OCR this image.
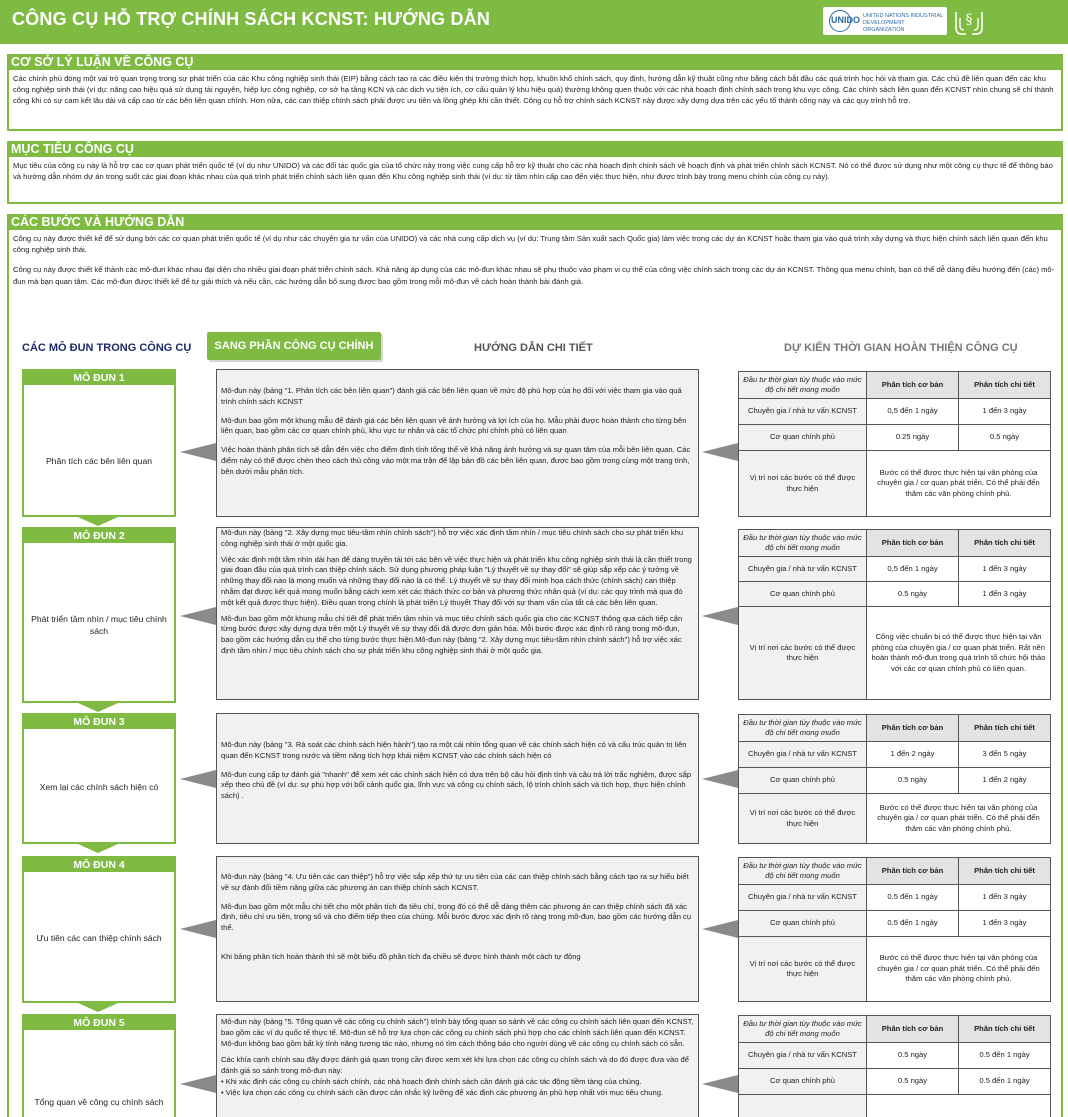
CÔNG CỤ HỖ TRỢ CHÍNH SÁCH KCNST: HƯỚNG DẪN	UNIDO UNITED NATIONS INDUSTRIAL DEVELOPMENT ORGANIZATION
§
CƠ SỞ LÝ LUẬN VỀ CÔNG CỤ
Các chính phủ đóng một vai trò quan trọng trong sự phát triển của các Khu công nghiệp sinh thái (EIP) bằng cách tạo ra các điều kiện thị trường thích hợp, khuôn khổ chính sách, quy định, hướng dẫn kỹ thuật cũng như bằng cách bắt đầu các quá trình học hỏi và tham gia. Các chủ đề liên quan đến các khu công nghiệp sinh thái (ví dụ: nâng cao hiệu quả sử dụng tài nguyên, hiệp lực công nghiệp, cơ sở hạ tầng KCN và các dịch vụ tiện ích, cơ cấu quản lý khu hiệu quả) thường không quen thuộc với các nhà hoạch định chính sách trong khu vực công. Các chính sách liên quan đến KCNST nhìn chung sẽ chỉ thành công khi có sự cam kết lâu dài và cấp cao từ các bên liên quan chính. Hơn nữa, các can thiệp chính sách phải được ưu tiên và lồng ghép khi cần thiết. Công cụ hỗ trợ chính sách KCNST này được xây dựng dựa trên các yếu tố thành công này và các quy trình hỗ trợ.
MỤC TIÊU CÔNG CỤ
Mục tiêu của công cụ này là hỗ trợ các cơ quan phát triển quốc tế (ví dụ như UNIDO) và các đối tác quốc gia của tổ chức này trong việc cung cấp hỗ trợ kỹ thuật cho các nhà hoạch định chính sách về hoạch định và phát triển chính sách KCNST. Nó có thể được sử dụng như một công cụ thực tế để thông báo và hướng dẫn nhóm dự án trong suốt các giai đoạn khác nhau của quá trình phát triển chính sách liên quan đến Khu công nghiệp sinh thái (ví dụ: từ tầm nhìn cấp cao đến việc thực hiện, như được trình bày trong menu chính của công cụ này).
CÁC BƯỚC VÀ HƯỚNG DẪN
Công cụ này được thiết kế để sử dụng bởi các cơ quan phát triển quốc tế (ví dụ như các chuyên gia tư vấn của UNIDO) và các nhà cung cấp dịch vụ (ví dụ: Trung tâm Sản xuất sạch Quốc gia) làm việc trong các dự án KCNST hoặc tham gia vào quá trình xây dựng và thực hiện chính sách liên quan đến khu công nghiệp sinh thái.
Công cụ này được thiết kế thành các mô-đun khác nhau đại diện cho nhiều giai đoạn phát triển chính sách. Khả năng áp dụng của các mô-đun khác nhau sẽ phụ thuộc vào phạm vi cụ thể của công việc chính sách trong các dự án KCNST. Thông qua menu chính, bạn có thể dễ dàng điều hướng đến (các) mô-đun mà bạn quan tâm. Các mô-đun được thiết kế để tự giải thích và nếu cần, các hướng dẫn bổ sung được bao gồm trong mỗi mô-đun về cách hoàn thành bài đánh giá.
CÁC MÔ ĐUN TRONG CÔNG CỤ	SANG PHẦN CÔNG CỤ CHÍNH	HƯỚNG DẪN CHI TIẾT	DỰ KIẾN THỜI GIAN HOÀN THIỆN CÔNG CỤ
MÔ ĐUN 1
Phân tích các bên liên quan
Mô-đun này (bảng "1. Phân tích các bên liên quan") đánh giá các bên liên quan về mức độ phù hợp của họ đối với việc tham gia vào quá trình chính sách KCNST
Mô-đun bao gồm một khung mẫu để đánh giá các bên liên quan về ảnh hưởng và lợi ích của họ. Mẫu phải được hoàn thành cho từng bên liên quan, bao gồm các cơ quan chính phủ, khu vực tư nhân và các tổ chức phi chính phủ có liên quan
Việc hoàn thành phân tích sẽ dẫn đến việc cho điểm định tính tổng thể về khả năng ảnh hưởng và sự quan tâm của mỗi bên liên quan. Các điểm này có thể được chèn theo cách thủ công vào một ma trận để lập bản đồ các bên liên quan, được bao gồm trong cùng một trang tính, bên dưới mẫu phân tích.
Đầu tư thời gian tùy thuộc vào mức độ chi tiết mong muốn	Phân tích cơ bản	Phân tích chi tiết
Chuyên gia / nhà tư vấn KCNST	0,5 đến 1 ngày	1 đến 3 ngày
Cơ quan chính phủ	0.25 ngày	0.5 ngày
Vị trí nơi các bước có thể được thực hiện	Bước có thể được thực hiện tại văn phòng của chuyên gia / cơ quan phát triển. Có thể phải đến thăm các văn phòng chính phủ.	
MÔ ĐUN 2
Phát triển tầm nhìn / mục tiêu chính sách
Mô-đun này (bảng "2. Xây dựng mục tiêu-tầm nhìn chính sách") hỗ trợ việc xác định tầm nhìn / mục tiêu chính sách cho sự phát triển khu công nghiệp sinh thái ở một quốc gia.
Việc xác định một tầm nhìn dài hạn để dàng truyền tải tới các bên về việc thực hiện và phát triển khu công nghiệp sinh thái là cần thiết trong giai đoạn đầu của quá trình can thiệp chính sách. Sử dụng phương pháp luận "Lý thuyết về sự thay đổi" sẽ giúp sắp xếp các ý tưởng về những thay đổi nào là mong muốn và những thay đổi nào là có thể. Lý thuyết về sự thay đổi minh họa cách thức (chính sách) can thiệp nhằm đạt được kết quả mong muốn bằng cách xem xét các thách thức cơ bản và phương thức nhân quả (ví dụ: các quy trình mà qua đó một kết quả được thực hiện). Điều quan trọng chính là phát triển Lý thuyết Thay đổi với sự tham vấn của tất cả các bên liên quan.
Mô-đun bao gồm một khung mẫu chi tiết để phát triển tầm nhìn và mục tiêu chính sách quốc gia cho các KCNST thông qua cách tiếp cận từng bước được xây dựng dựa trên một Lý thuyết về sự thay đổi đã được đơn giản hóa. Mỗi bước được xác định rõ ràng trong mô-đun, bao gồm các hướng dẫn cụ thể cho từng bước thực hiện.Mô-đun này (bảng "2. Xây dựng mục tiêu-tầm nhìn chính sách") hỗ trợ việc xác định tầm nhìn / mục tiêu chính sách cho sự phát triển khu công nghiệp sinh thái ở một quốc gia.
Đầu tư thời gian tùy thuộc vào mức độ chi tiết mong muốn	Phân tích cơ bản	Phân tích chi tiết
Chuyên gia / nhà tư vấn KCNST	0,5 đến 1 ngày	1 đến 3 ngày
Cơ quan chính phủ	0.5 ngày	1 đến 3 ngày
Vị trí nơi các bước có thể được thực hiện	Công việc chuẩn bị có thể được thực hiện tại văn phòng của chuyên gia / cơ quan phát triển. Rất nên hoàn thành mô-đun trong quá trình tổ chức hội thảo với các cơ quan chính phủ có liên quan.	
MÔ ĐUN 3
Xem lại các chính sách hiện có
Mô-đun này (bảng "3. Rà soát các chính sách hiện hành") tạo ra một cái nhìn tổng quan về các chính sách hiện có và cấu trúc quản trị liên quan đến KCNST trong nước và tiềm năng tích hợp khái niệm KCNST vào các chính sách hiện có
Mô-đun cung cấp tự đánh giá "nhanh" để xem xét các chính sách hiện có dựa trên bộ câu hỏi định tính và câu trả lời trắc nghiệm, được sắp xếp theo chủ đề (ví dụ: sự phù hợp với bối cảnh quốc gia, lĩnh vực và công cụ chính sách, lộ trình chính sách và tích hợp, thực hiện chính sách) .
Đầu tư thời gian tùy thuộc vào mức độ chi tiết mong muốn	Phân tích cơ bản	Phân tích chi tiết
Chuyên gia / nhà tư vấn KCNST	1 đến 2 ngày	3 đến 5 ngày
Cơ quan chính phủ	0.5 ngày	1 đến 2 ngày
Vị trí nơi các bước có thể được thực hiện	Bước có thể được thực hiện tại văn phòng của chuyên gia / cơ quan phát triển. Có thể phải đến thăm các văn phòng chính phủ.	
MÔ ĐUN 4
Ưu tiên các can thiệp chính sách
Mô-đun này (bảng "4. Ưu tiên các can thiệp") hỗ trợ việc sắp xếp thứ tự ưu tiên của các can thiệp chính sách bằng cách tạo ra sự hiểu biết về sự đánh đổi tiềm năng giữa các phương án can thiệp chính sách KCNST.
Mô-đun bao gồm một mẫu chi tiết cho một phân tích đa tiêu chí, trong đó có thể dễ dàng thêm các phương án can thiệp chính sách đã xác định, tiêu chí ưu tiên, trọng số và cho điểm tiếp theo của chúng. Mỗi bước được xác định rõ ràng trong mô-đun, bao gồm các hướng dẫn cụ thể.
Khi bảng phân tích hoàn thành thì sẽ một biểu đồ phân tích đa chiều sẽ được hình thành một cách tự động
Đầu tư thời gian tùy thuộc vào mức độ chi tiết mong muốn	Phân tích cơ bản	Phân tích chi tiết
Chuyên gia / nhà tư vấn KCNST	0.5 đến 1 ngày	1 đến 3 ngày
Cơ quan chính phủ	0.5 đến 1 ngày	1 đến 3 ngày
Vị trí nơi các bước có thể được thực hiện	Bước có thể được thực hiện tại văn phòng của chuyên gia / cơ quan phát triển. Có thể phải đến thăm các văn phòng chính phủ.	
MÔ ĐUN 5
Tổng quan về công cụ chính sách
Mô-đun này (bảng "5. Tổng quan về các công cụ chính sách") trình bày tổng quan so sánh về các công cụ chính sách liên quan đến KCNST, bao gồm các ví dụ quốc tế thực tế. Mô-đun sẽ hỗ trợ lựa chọn các công cụ chính sách phù hợp cho các chính sách liên quan đến KCNST. Mô-đun không bao gồm bất kỳ tính năng tương tác nào, nhưng nó tìm cách thông báo cho người dùng về các công cụ chính sách có sẵn.
Các khía cạnh chính sau đây được đánh giá quan trọng cần được xem xét khi lựa chọn các công cụ chính sách và do đó được đưa vào để đánh giá so sánh trong mô-đun này:
• Khi xác định các công cụ chính sách chính, các nhà hoạch định chính sách cần đánh giá các tác động tiềm tàng của chúng.
• Việc lựa chọn các công cụ chính sách cần được cân nhắc kỹ lưỡng để xác định các phương án phù hợp nhất với mục tiêu chung.
Đầu tư thời gian tùy thuộc vào mức độ chi tiết mong muốn	Phân tích cơ bản	Phân tích chi tiết
Chuyên gia / nhà tư vấn KCNST	0.5 ngày	0.5 đến 1 ngày
Cơ quan chính phủ	0.5 ngày	0.5 đến 1 ngày
